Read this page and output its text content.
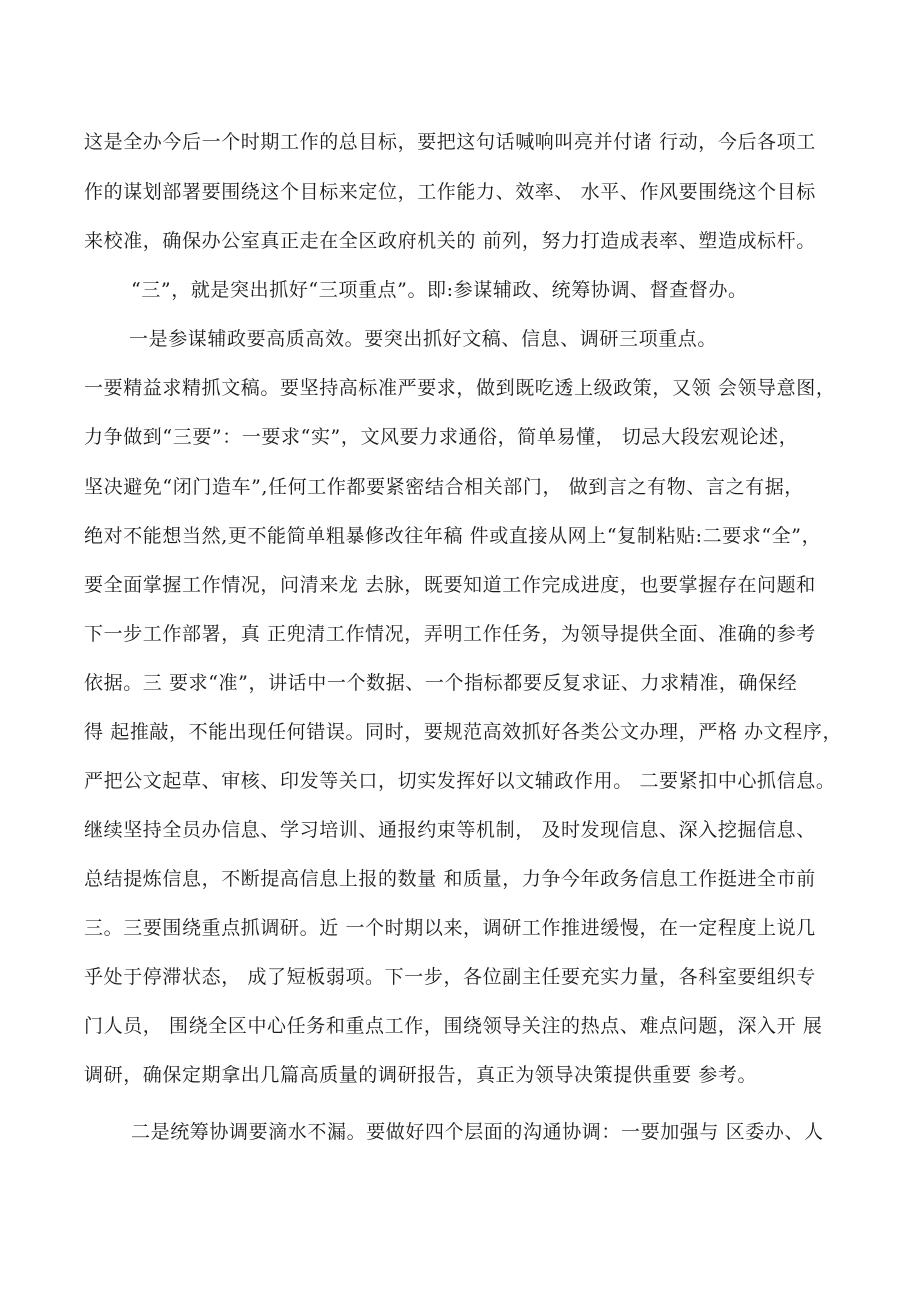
这是全办今后一个时期工作的总目标，要把这句话喊响叫亮并付诸 行动，今后各项工
作的谋划部署要围绕这个目标来定位，工作能力、效率、 水平、作风要围绕这个目标
来校准，确保办公室真正走在全区政府机关的 前列，努力打造成表率、塑造成标杆。
“三”，就是突出抓好“三项重点”。即:参谋辅政、统筹协调、督查督办。
一是参谋辅政要高质高效。要突出抓好文稿、信息、调研三项重点。
一要精益求精抓文稿。要坚持高标准严要求，做到既吃透上级政策，又领 会领导意图，
力争做到“三要”：一要求“实”，文风要力求通俗，简单易懂， 切忌大段宏观论述，
坚决避免“闭门造车”,任何工作都要紧密结合相关部门， 做到言之有物、言之有据，
绝对不能想当然,更不能简单粗暴修改往年稿 件或直接从网上“复制粘贴:二要求“全”，
要全面掌握工作情况，问清来龙 去脉，既要知道工作完成进度，也要掌握存在问题和
下一步工作部署，真 正兜清工作情况，弄明工作任务，为领导提供全面、准确的参考
依据。三 要求“准”，讲话中一个数据、一个指标都要反复求证、力求精准，确保经
得 起推敲，不能出现任何错误。同时，要规范高效抓好各类公文办理，严格 办文程序，
严把公文起草、审核、印发等关口，切实发挥好以文辅政作用。 二要紧扣中心抓信息。
继续坚持全员办信息、学习培训、通报约束等机制， 及时发现信息、深入挖掘信息、
总结提炼信息，不断提高信息上报的数量 和质量，力争今年政务信息工作挺进全市前
三。三要围绕重点抓调研。近 一个时期以来，调研工作推进缓慢，在一定程度上说几
乎处于停滞状态， 成了短板弱项。下一步，各位副主任要充实力量，各科室要组织专
门人员， 围绕全区中心任务和重点工作，围绕领导关注的热点、难点问题，深入开 展
调研，确保定期拿出几篇高质量的调研报告，真正为领导决策提供重要 参考。
二是统筹协调要滴水不漏。要做好四个层面的沟通协调：一要加强与 区委办、人
